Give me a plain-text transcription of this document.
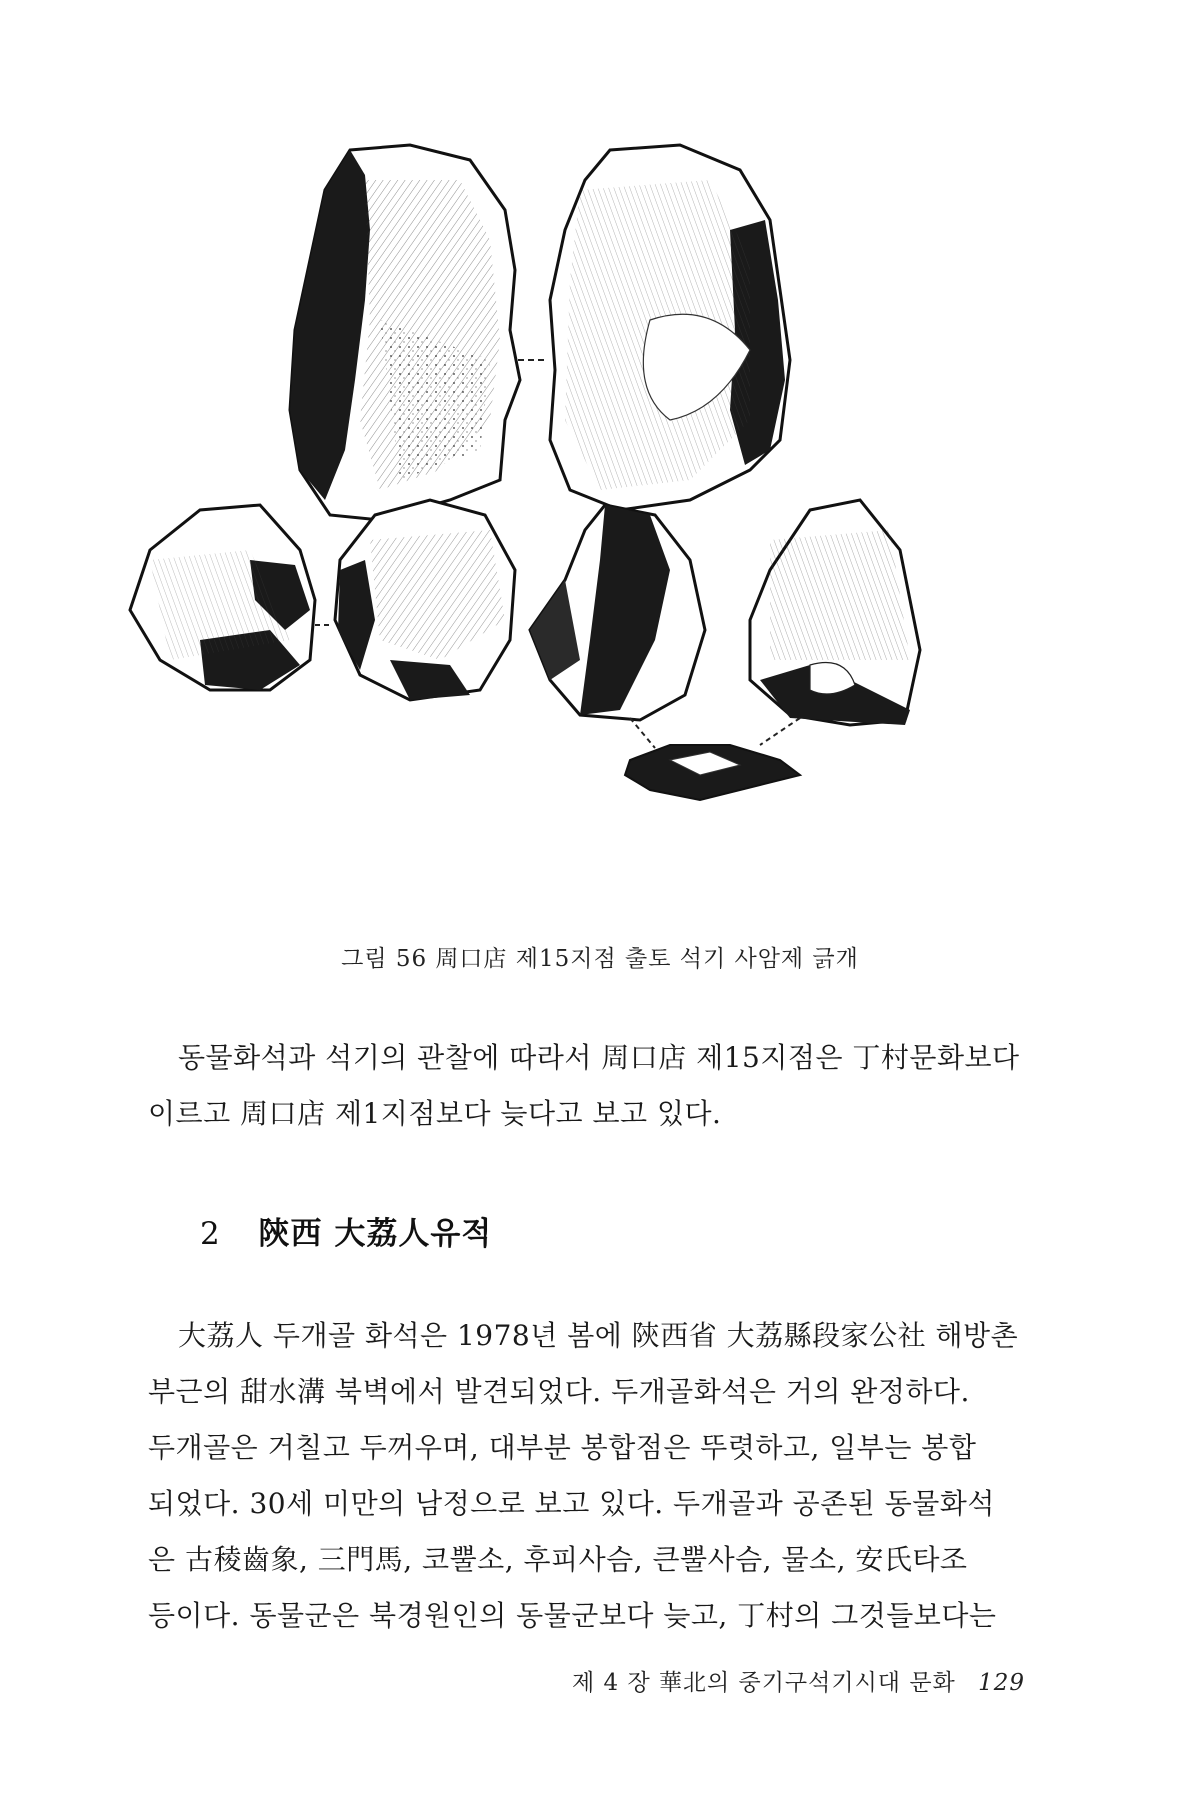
그림 56 周口店 제15지점 출토 석기 사암제 긁개
동물화석과 석기의 관찰에 따라서 周口店 제15지점은 丁村문화보다
이르고 周口店 제1지점보다 늦다고 보고 있다.
2 陝西 大荔人유적
大荔人 두개골 화석은 1978년 봄에 陝西省 大荔縣段家公社 해방촌
부근의 甜水溝 북벽에서 발견되었다. 두개골화석은 거의 완정하다.
두개골은 거칠고 두꺼우며, 대부분 봉합점은 뚜렷하고, 일부는 봉합
되었다. 30세 미만의 남정으로 보고 있다. 두개골과 공존된 동물화석
은 古稜齒象, 三門馬, 코뿔소, 후피사슴, 큰뿔사슴, 물소, 安氏타조
등이다. 동물군은 북경원인의 동물군보다 늦고, 丁村의 그것들보다는
제 4 장 華北의 중기구석기시대 문화 129
